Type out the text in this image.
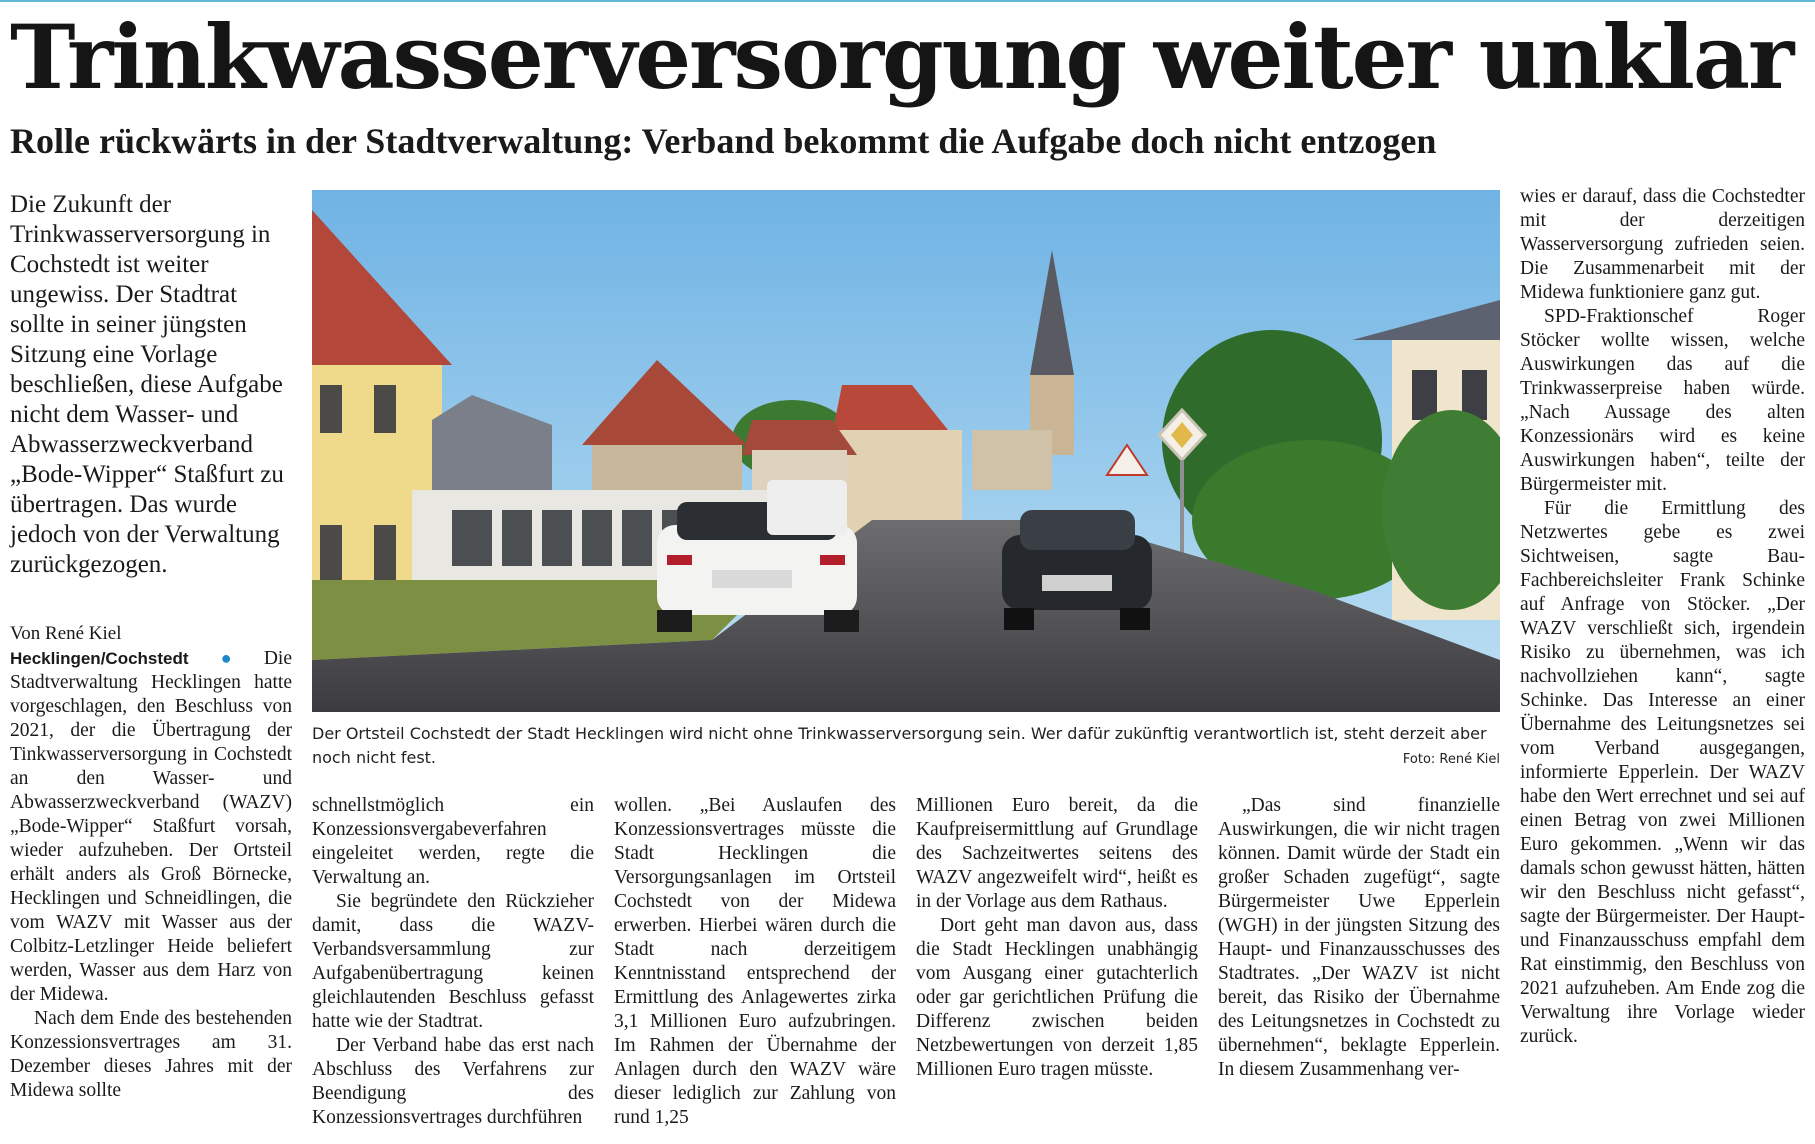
Trinkwasserversorgung weiter unklar
Rolle rückwärts in der Stadtverwaltung: Verband bekommt die Aufgabe doch nicht entzogen

Die Zukunft der Trinkwasserversorgung in Cochstedt ist weiter ungewiss. Der Stadtrat sollte in seiner jüngsten Sitzung eine Vorlage beschließen, diese Aufgabe nicht dem Wasser- und Abwasserzweckverband „Bode-Wipper“ Staßfurt zu übertragen. Das wurde jedoch von der Verwaltung zurückgezogen.

Von René Kiel

Hecklingen/Cochstedt ● Die Stadtverwaltung Hecklingen hatte vorgeschlagen, den Beschluss von 2021, der die Übertragung der Tinkwasserversorgung in Cochstedt an den Wasser- und Abwasserzweckverband (WAZV) „Bode-Wipper“ Staßfurt vorsah, wieder aufzuheben. Der Ortsteil erhält anders als Groß Börnecke, Hecklingen und Schneidlingen, die vom WAZV mit Wasser aus der Colbitz-Letzlinger Heide beliefert werden, Wasser aus dem Harz von der Midewa.

Nach dem Ende des bestehenden Konzessionsvertrages am 31. Dezember dieses Jahres mit der Midewa sollte

Der Ortsteil Cochstedt der Stadt Hecklingen wird nicht ohne Trinkwasserversorgung sein. Wer dafür zukünftig verantwortlich ist, steht derzeit aber noch nicht fest.	Foto: René Kiel

schnellstmöglich ein Konzessionsvergabeverfahren eingeleitet werden, regte die Verwaltung an.

Sie begründete den Rückzieher damit, dass die WAZV-Verbandsversammlung zur Aufgabenübertragung keinen gleichlautenden Beschluss gefasst hatte wie der Stadtrat.

Der Verband habe das erst nach Abschluss des Verfahrens zur Beendigung des Konzessionsvertrages durchführen

wollen. „Bei Auslaufen des Konzessionsvertrages müsste die Stadt Hecklingen die Versorgungsanlagen im Ortsteil Cochstedt von der Midewa erwerben. Hierbei wären durch die Stadt nach derzeitigem Kenntnisstand entsprechend der Ermittlung des Anlagewertes zirka 3,1 Millionen Euro aufzubringen. Im Rahmen der Übernahme der Anlagen durch den WAZV wäre dieser lediglich zur Zahlung von rund 1,25

Millionen Euro bereit, da die Kaufpreisermittlung auf Grundlage des Sachzeitwertes seitens des WAZV angezweifelt wird“, heißt es in der Vorlage aus dem Rathaus.

Dort geht man davon aus, dass die Stadt Hecklingen unabhängig vom Ausgang einer gutachterlich oder gar gerichtlichen Prüfung die Differenz zwischen beiden Netzbewertungen von derzeit 1,85 Millionen Euro tragen müsste.

„Das sind finanzielle Auswirkungen, die wir nicht tragen können. Damit würde der Stadt ein großer Schaden zugefügt“, sagte Bürgermeister Uwe Epperlein (WGH) in der jüngsten Sitzung des Haupt- und Finanzausschusses des Stadtrates. „Der WAZV ist nicht bereit, das Risiko der Übernahme des Leitungsnetzes in Cochstedt zu übernehmen“, beklagte Epperlein. In diesem Zusammenhang ver-

wies er darauf, dass die Cochstedter mit der derzeitigen Wasserversorgung zufrieden seien. Die Zusammenarbeit mit der Midewa funktioniere ganz gut.

SPD-Fraktionschef Roger Stöcker wollte wissen, welche Auswirkungen das auf die Trinkwasserpreise haben würde. „Nach Aussage des alten Konzessionärs wird es keine Auswirkungen haben“, teilte der Bürgermeister mit.

Für die Ermittlung des Netzwertes gebe es zwei Sichtweisen, sagte Bau-Fachbereichsleiter Frank Schinke auf Anfrage von Stöcker. „Der WAZV verschließt sich, irgendein Risiko zu übernehmen, was ich nachvollziehen kann“, sagte Schinke. Das Interesse an einer Übernahme des Leitungsnetzes sei vom Verband ausgegangen, informierte Epperlein. Der WAZV habe den Wert errechnet und sei auf einen Betrag von zwei Millionen Euro gekommen. „Wenn wir das damals schon gewusst hätten, hätten wir den Beschluss nicht gefasst“, sagte der Bürgermeister. Der Haupt- und Finanzausschuss empfahl dem Rat einstimmig, den Beschluss von 2021 aufzuheben. Am Ende zog die Verwaltung ihre Vorlage wieder zurück.
